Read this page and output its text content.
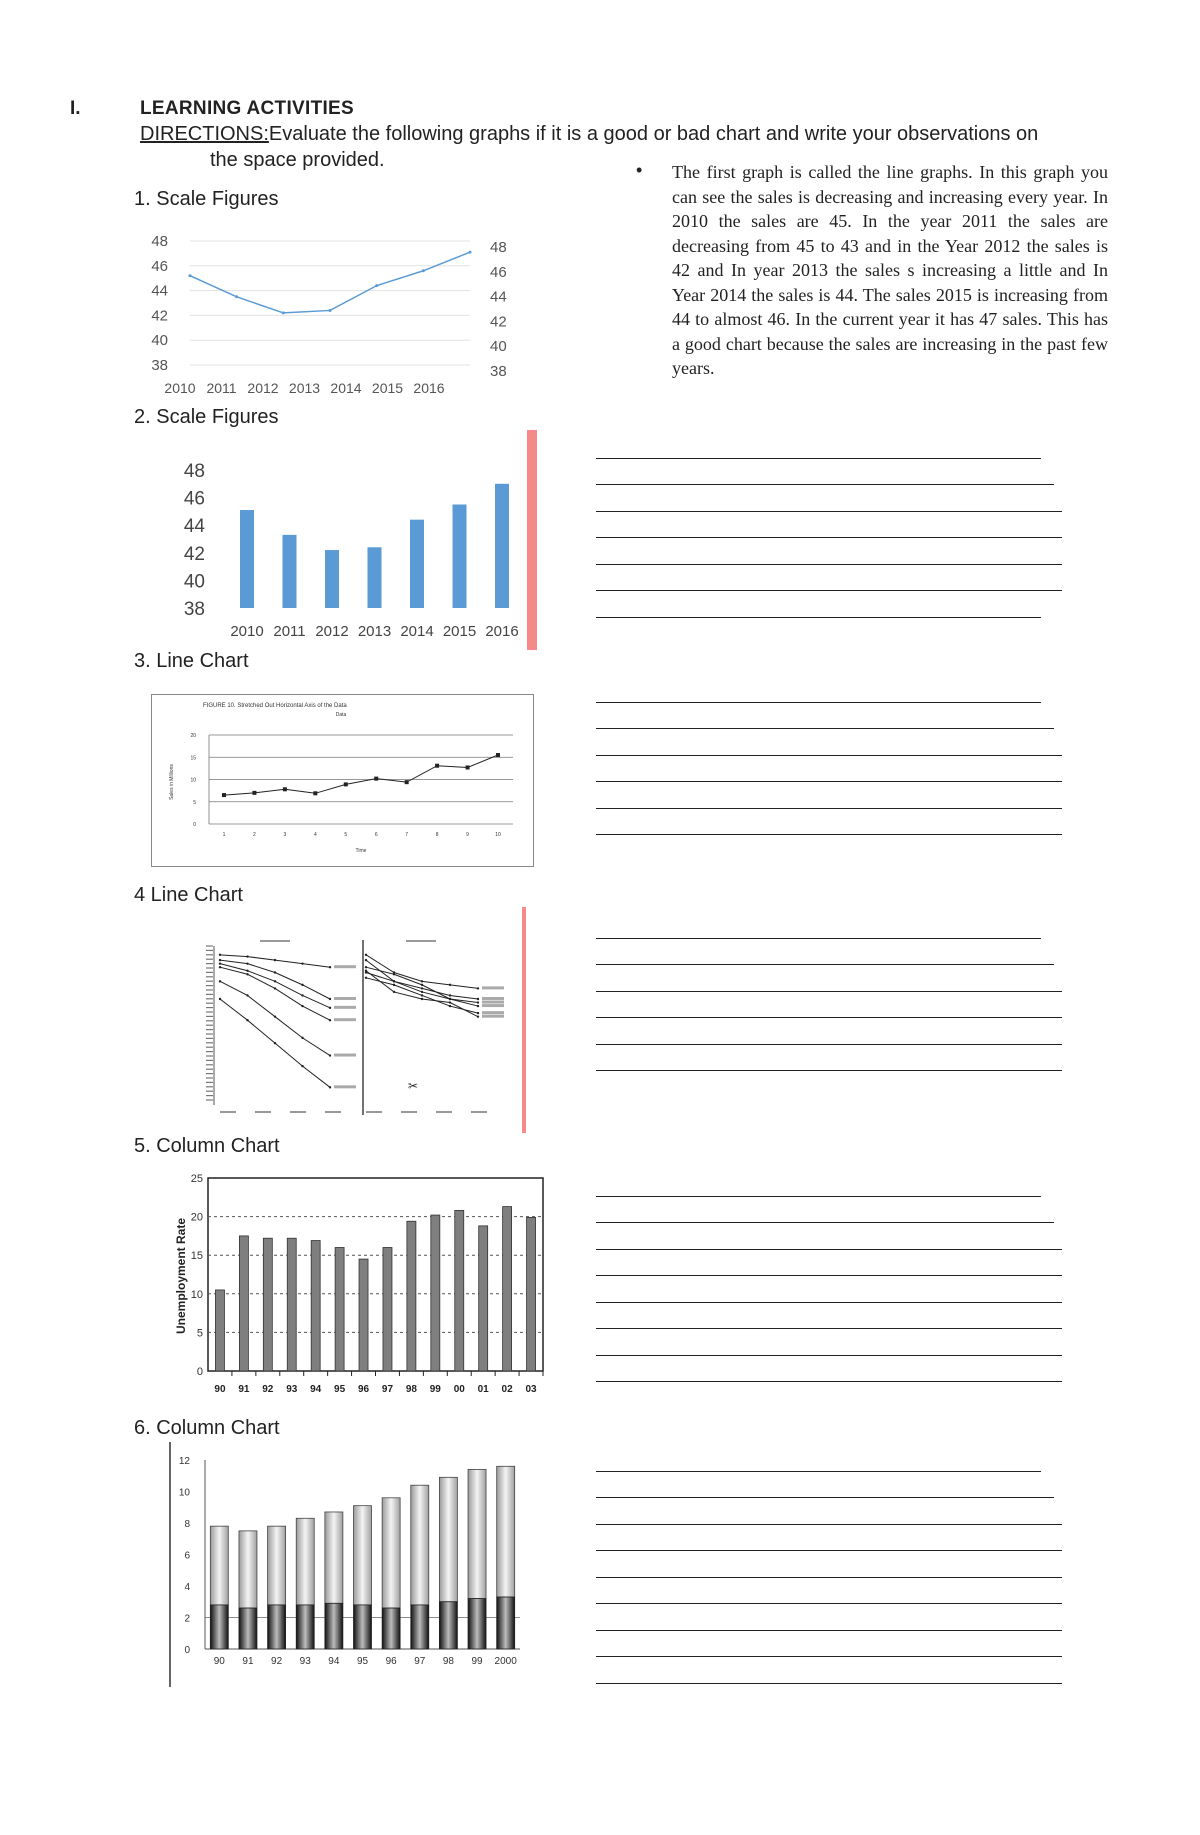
I.	LEARNING ACTIVITIES
DIRECTIONS:Evaluate the following graphs if it is a good or bad chart and write your observations on
the space provided.
1. Scale Figures
2. Scale Figures
3. Line Chart
4 Line Chart
5. Column Chart
6. Column Chart
• The first graph is called the line graphs. In this graph you can see the sales is decreasing and increasing every year. In 2010 the sales are 45. In the year 2011 the sales are decreasing from 45 to 43 and in the Year 2012 the sales is 42 and In year 2013 the sales s increasing a little and In Year 2014 the sales is 44. The sales 2015 is increasing from 44 to almost 46. In the current year it has 47 sales. This has a good chart because the sales are increasing in the past few years.
48
46
44
42
40
38
48
46
44
42
40
38
2010 2011 2012 2013 2014 2015 2016
48
46
44
42
40
38
2010 2011 2012 2013 2014 2015 2016
FIGURE 10. Stretched Out Horizontal Axis of the Data
Data
20
15
10
5
0
1	2	3	4	5	6	7	8	9	10
Time
Sales in Millions
✂
25
20
15
10
5
0
90 91 92 93 94 95 96 97 98 99 00 01 02 03
Unemployment Rate
12
10
8
6
4
2
0
90 91 92 93 94 95 96 97 98 99 2000
